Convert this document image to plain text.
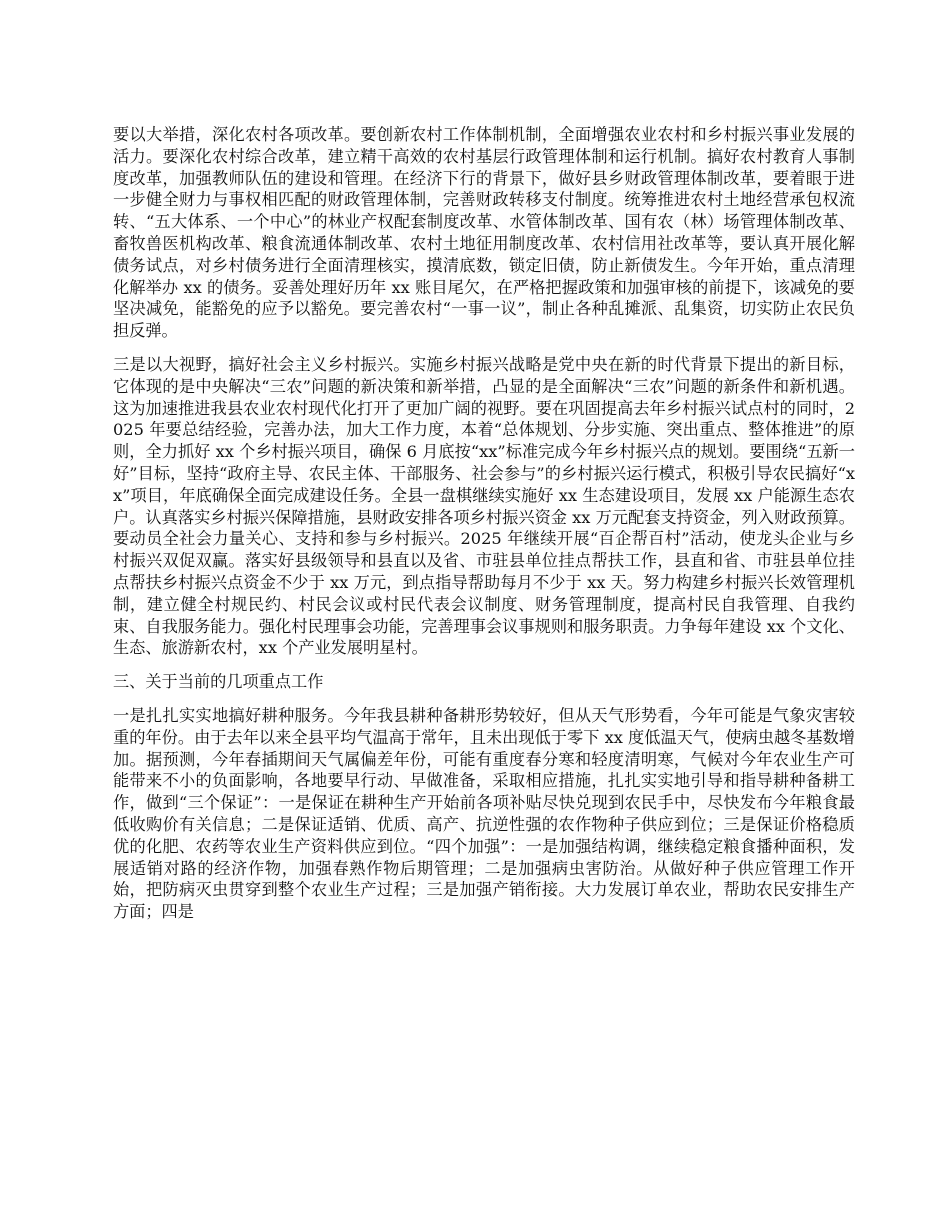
要以大举措，深化农村各项改革。要创新农村工作体制机制，全面增强农业农村和乡村振兴事业发展的活力。要深化农村综合改革，建立精干高效的农村基层行政管理体制和运行机制。搞好农村教育人事制度改革，加强教师队伍的建设和管理。在经济下行的背景下，做好县乡财政管理体制改革，要着眼于进一步健全财力与事权相匹配的财政管理体制，完善财政转移支付制度。统筹推进农村土地经营承包权流转、“五大体系、一个中心”的林业产权配套制度改革、水管体制改革、国有农（林）场管理体制改革、畜牧兽医机构改革、粮食流通体制改革、农村土地征用制度改革、农村信用社改革等，要认真开展化解债务试点，对乡村债务进行全面清理核实，摸清底数，锁定旧债，防止新债发生。今年开始，重点清理化解举办 xx 的债务。妥善处理好历年 xx 账目尾欠，在严格把握政策和加强审核的前提下，该减免的要坚决减免，能豁免的应予以豁免。要完善农村“一事一议”，制止各种乱摊派、乱集资，切实防止农民负担反弹。

三是以大视野，搞好社会主义乡村振兴。实施乡村振兴战略是党中央在新的时代背景下提出的新目标，它体现的是中央解决“三农”问题的新决策和新举措，凸显的是全面解决“三农”问题的新条件和新机遇。这为加速推进我县农业农村现代化打开了更加广阔的视野。要在巩固提高去年乡村振兴试点村的同时，2025 年要总结经验，完善办法，加大工作力度，本着“总体规划、分步实施、突出重点、整体推进”的原则，全力抓好 xx 个乡村振兴项目，确保 6 月底按“xx”标准完成今年乡村振兴点的规划。要围绕“五新一好”目标，坚持“政府主导、农民主体、干部服务、社会参与”的乡村振兴运行模式，积极引导农民搞好“xx”项目，年底确保全面完成建设任务。全县一盘棋继续实施好 xx 生态建设项目，发展 xx 户能源生态农户。认真落实乡村振兴保障措施，县财政安排各项乡村振兴资金 xx 万元配套支持资金，列入财政预算。要动员全社会力量关心、支持和参与乡村振兴。2025 年继续开展“百企帮百村”活动，使龙头企业与乡村振兴双促双赢。落实好县级领导和县直以及省、市驻县单位挂点帮扶工作，县直和省、市驻县单位挂点帮扶乡村振兴点资金不少于 xx 万元，到点指导帮助每月不少于 xx 天。努力构建乡村振兴长效管理机制，建立健全村规民约、村民会议或村民代表会议制度、财务管理制度，提高村民自我管理、自我约束、自我服务能力。强化村民理事会功能，完善理事会议事规则和服务职责。力争每年建设 xx 个文化、生态、旅游新农村，xx 个产业发展明星村。

三、关于当前的几项重点工作

一是扎扎实实地搞好耕种服务。今年我县耕种备耕形势较好，但从天气形势看，今年可能是气象灾害较重的年份。由于去年以来全县平均气温高于常年，且未出现低于零下 xx 度低温天气，使病虫越冬基数增加。据预测，今年春插期间天气属偏差年份，可能有重度春分寒和轻度清明寒，气候对今年农业生产可能带来不小的负面影响，各地要早行动、早做准备，采取相应措施，扎扎实实地引导和指导耕种备耕工作，做到“三个保证”：一是保证在耕种生产开始前各项补贴尽快兑现到农民手中，尽快发布今年粮食最低收购价有关信息；二是保证适销、优质、高产、抗逆性强的农作物种子供应到位；三是保证价格稳质优的化肥、农药等农业生产资料供应到位。“四个加强”：一是加强结构调，继续稳定粮食播种面积，发展适销对路的经济作物，加强春熟作物后期管理；二是加强病虫害防治。从做好种子供应管理工作开始，把防病灭虫贯穿到整个农业生产过程；三是加强产销衔接。大力发展订单农业，帮助农民安排生产方面；四是
